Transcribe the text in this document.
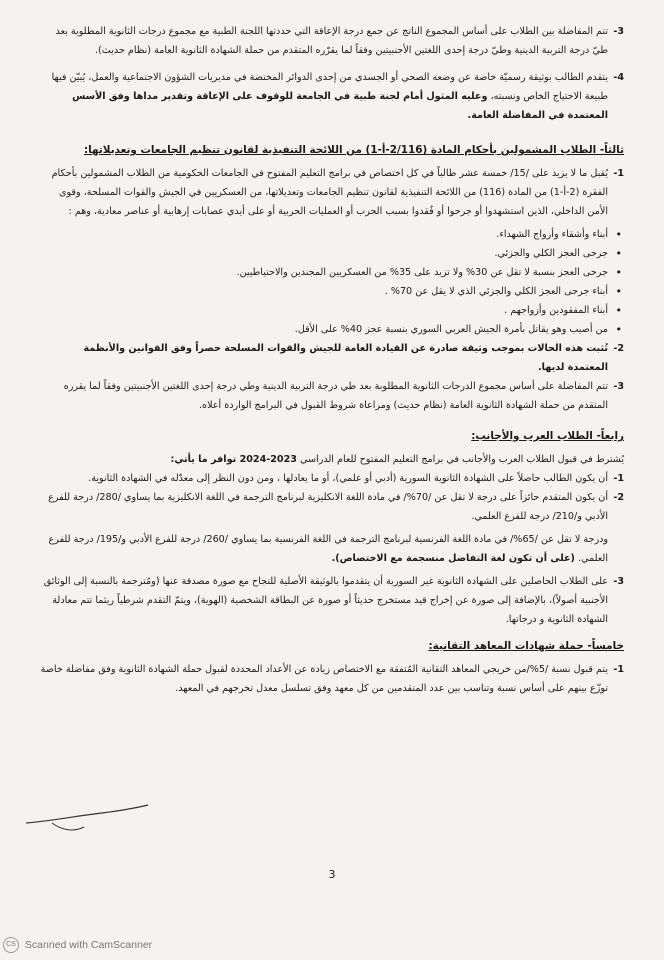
3-
تتم المفاضلة بين الطلاب على أساس المجموع الناتج عن جمع درجة الإعاقة التي حددتها اللجنة الطبية مع مجموع درجات الثانوية المطلوبة بعد طيّ درجة التربية الدينية وطيّ درجة إحدى اللغتين الأجنبيتين وفقاً لما يقرّره المتقدم من حملة الشهادة الثانوية العامة (نظام حديث).

4-
يتقدم الطالب بوثيقة رسميّة خاصة عن وضعه الصحي أو الجسدي من إحدى الدوائر المختصة في مديريات الشؤون الاجتماعية والعمل، يُبيّن فيها طبيعة الاحتياج الخاص ونسبته، وعليه المثول أمام لجنة طبية في الجامعة للوقوف على الإعاقة وتقدير مداها وفق الأسس المعتمدة في المفاضلة العامة.

ثالثاً- الطلاب المشمولين بأحكام المادة (2/116-أ-1) من اللائحة التنفيذية لقانون تنظيم الجامعات وتعديلاتها:

1-
يُقبل ما لا يزيد على /15/ خمسة عشر طالباً في كل اختصاص في برامج التعليم المفتوح في الجامعات الحكومية من الطلاب المشمولين بأحكام الفقرة (2-أ-1) من المادة (116) من اللائحة التنفيذية لقانون تنظيم الجامعات وتعديلاتها، من العسكريين في الجيش والقوات المسلحة، وقوى الأمن الداخلي، الذين استشهدوا أو جرحوا أو فُقدوا بسبب الحرب أو العمليات الحربية أو على أيدي عصابات إرهابية أو عناصر معادية، وهم :

• أبناء وأشقاء وأزواج الشهداء.
• جرحى العجز الكلي والجزئي.
• جرحى العجز بنسبة لا تقل عن 30% ولا تزيد على 35% من العسكريين المجندين والاحتياطيين.
• أبناء جرحى العجز الكلي والجزئي الذي لا يقل عن 70% .
• أبناء المفقودين وأزواجهم .
• من أصيب وهو يقاتل بأمرة الجيش العربي السوري بنسبة عجز 40% على الأقل.

2-
تُثبت هذه الحالات بموجب وثيقة صادرة عن القيادة العامة للجيش والقوات المسلحة حصراً وفق القوانين والأنظمة المعتمدة لديها.

3-
تتم المفاضلة على أساس مجموع الدرجات الثانوية المطلوبة بعد طي درجة التربية الدينية وطي درجة إحدى اللغتين الأجنبيتين وفقاً لما يقرره المتقدم من حملة الشهادة الثانوية العامة (نظام حديث) ومراعاة شروط القبول في البرامج الواردة أعلاه.

رابعاً- الطلاب العرب والأجانب:

يُشترط في قبول الطلاب العرب والأجانب في برامج التعليم المفتوح للعام الدراسي 2023-2024 توافر ما يأتي:

1-
أن يكون الطالب حاصلاً على الشهادة الثانوية السورية (أدبي أو علمي)، أو ما يعادلها ، ومن دون النظر إلى معدّله في الشهادة الثانوية.

2-
أن يكون المتقدم حائزاً على درجة لا تقل عن /70%/ في مادة اللغة الانكليزية لبرنامج الترجمة في اللغة الانكليزية بما يساوي /280/ درجة للفرع الأدبي و/210/ درجة للفرع العلمي.

ودرجة لا تقل عن /65%/ في مادة اللغة الفرنسية لبرنامج الترجمة في اللغة الفرنسية بما يساوي /260/ درجة للفرع الأدبي و/195/ درجة للفرع العلمي. (على أن تكون لغة التفاضل منسجمة مع الاختصاص).

3-
على الطلاب الحاصلين على الشهادة الثانوية غير السورية أن يتقدموا بالوثيقة الأصلية للنجاح مع صورة مصدقة عنها (ومُترجمة بالنسبة إلى الوثائق الأجنبية أصولاً)، بالإضافة إلى صورة عن إخراج قيد مستخرج حديثاً أو صورة عن البطاقة الشخصية (الهوية)، ويتمّ التقدم شرطياً ريثما تتم معادلة الشهادة الثانوية و درجاتها.

خامساً- حملة شهادات المعاهد التقانية:

1-
يتم قبول نسبة /5%/من خريجي المعاهد التقانية المُتفقة مع الاختصاص زيادة عن الأعداد المحددة لقبول حملة الشهادة الثانوية وفق مفاضلة خاصة توزّع بينهم على أساس نسبة وتناسب بين عدد المتقدمين من كل معهد وفق تسلسل معدل تخرجهم في المعهد.

3
CS Scanned with CamScanner
